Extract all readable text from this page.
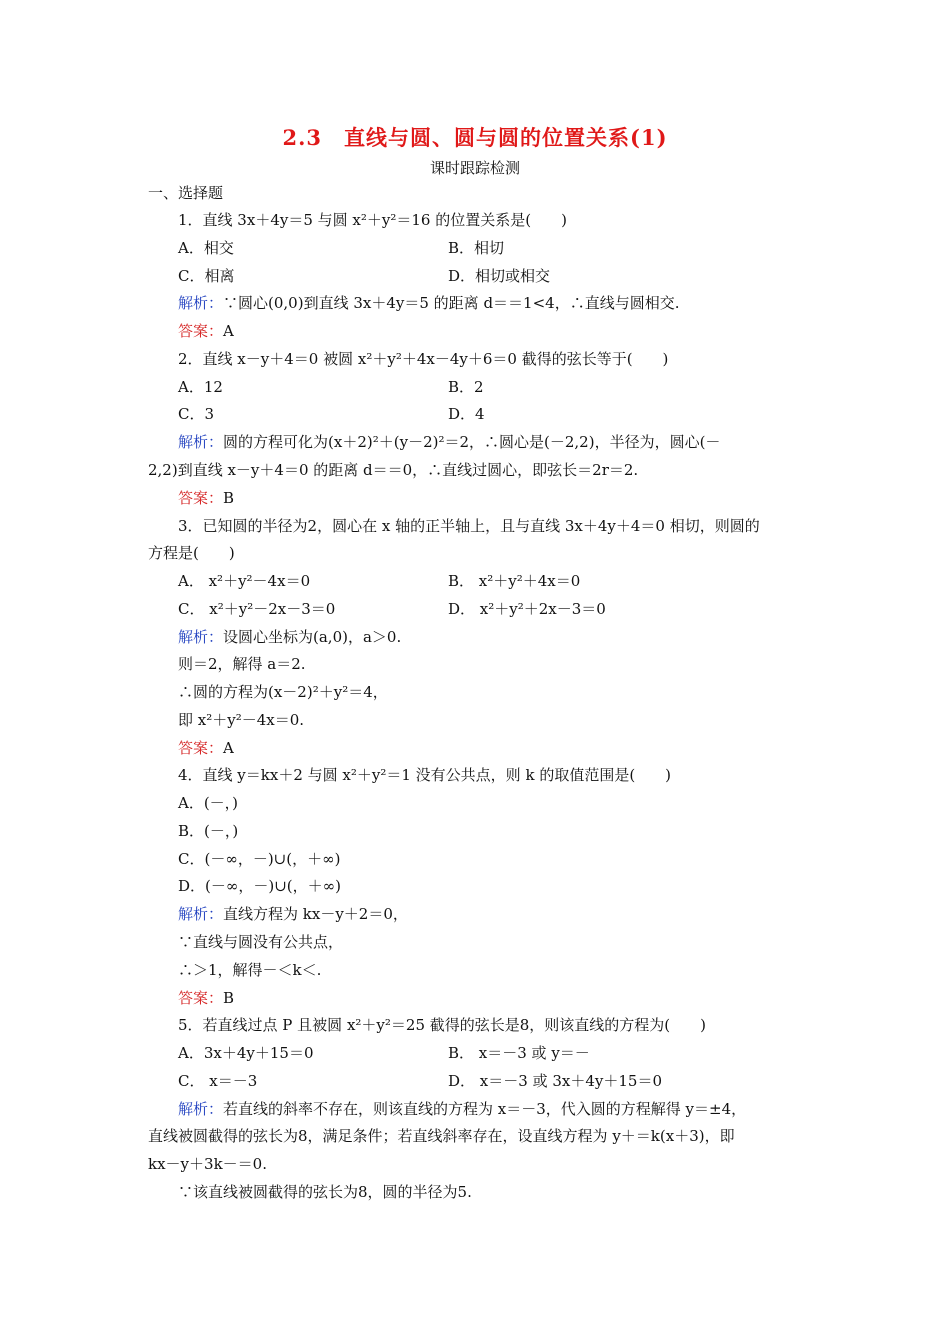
2.3　直线与圆、圆与圆的位置关系(1)
课时跟踪检测
一、选择题
1．直线 3x＋4y＝5 与圆 x²＋y²＝16 的位置关系是(　　)
A．相交	B．相切
C．相离	D．相切或相交
解析：∵圆心(0,0)到直线 3x＋4y＝5 的距离 d＝＝1<4，∴直线与圆相交.
答案：A
2．直线 x－y＋4＝0 被圆 x²＋y²＋4x－4y＋6＝0 截得的弦长等于(　　)
A．12	B．2
C．3	D．4
解析：圆的方程可化为(x＋2)²＋(y－2)²＝2，∴圆心是(－2,2)，半径为，圆心(－
2,2)到直线 x－y＋4＝0 的距离 d＝＝0，∴直线过圆心，即弦长＝2r＝2.
答案：B
3．已知圆的半径为2，圆心在 x 轴的正半轴上，且与直线 3x＋4y＋4＝0 相切，则圆的
方程是(　　)
A． x²＋y²－4x＝0	B． x²＋y²＋4x＝0
C． x²＋y²－2x－3＝0	D． x²＋y²＋2x－3＝0
解析：设圆心坐标为(a,0)，a＞0.
则＝2，解得 a＝2.
∴圆的方程为(x－2)²＋y²＝4，
即 x²＋y²－4x＝0.
答案：A
4．直线 y＝kx＋2 与圆 x²＋y²＝1 没有公共点，则 k 的取值范围是(　　)
A．(－，)
B．(－，)
C．(－∞，－)∪(，＋∞)
D．(－∞，－)∪(，＋∞)
解析：直线方程为 kx－y＋2＝0，
∵直线与圆没有公共点，
∴＞1，解得－＜k＜.
答案：B
5．若直线过点 P 且被圆 x²＋y²＝25 截得的弦长是8，则该直线的方程为(　　)
A．3x＋4y＋15＝0	B． x＝－3 或 y＝－
C． x＝－3	D． x＝－3 或 3x＋4y＋15＝0
解析：若直线的斜率不存在，则该直线的方程为 x＝－3，代入圆的方程解得 y＝±4，
直线被圆截得的弦长为8，满足条件；若直线斜率存在，设直线方程为 y＋＝k(x＋3)，即
kx－y＋3k－＝0.
∵该直线被圆截得的弦长为8，圆的半径为5.
